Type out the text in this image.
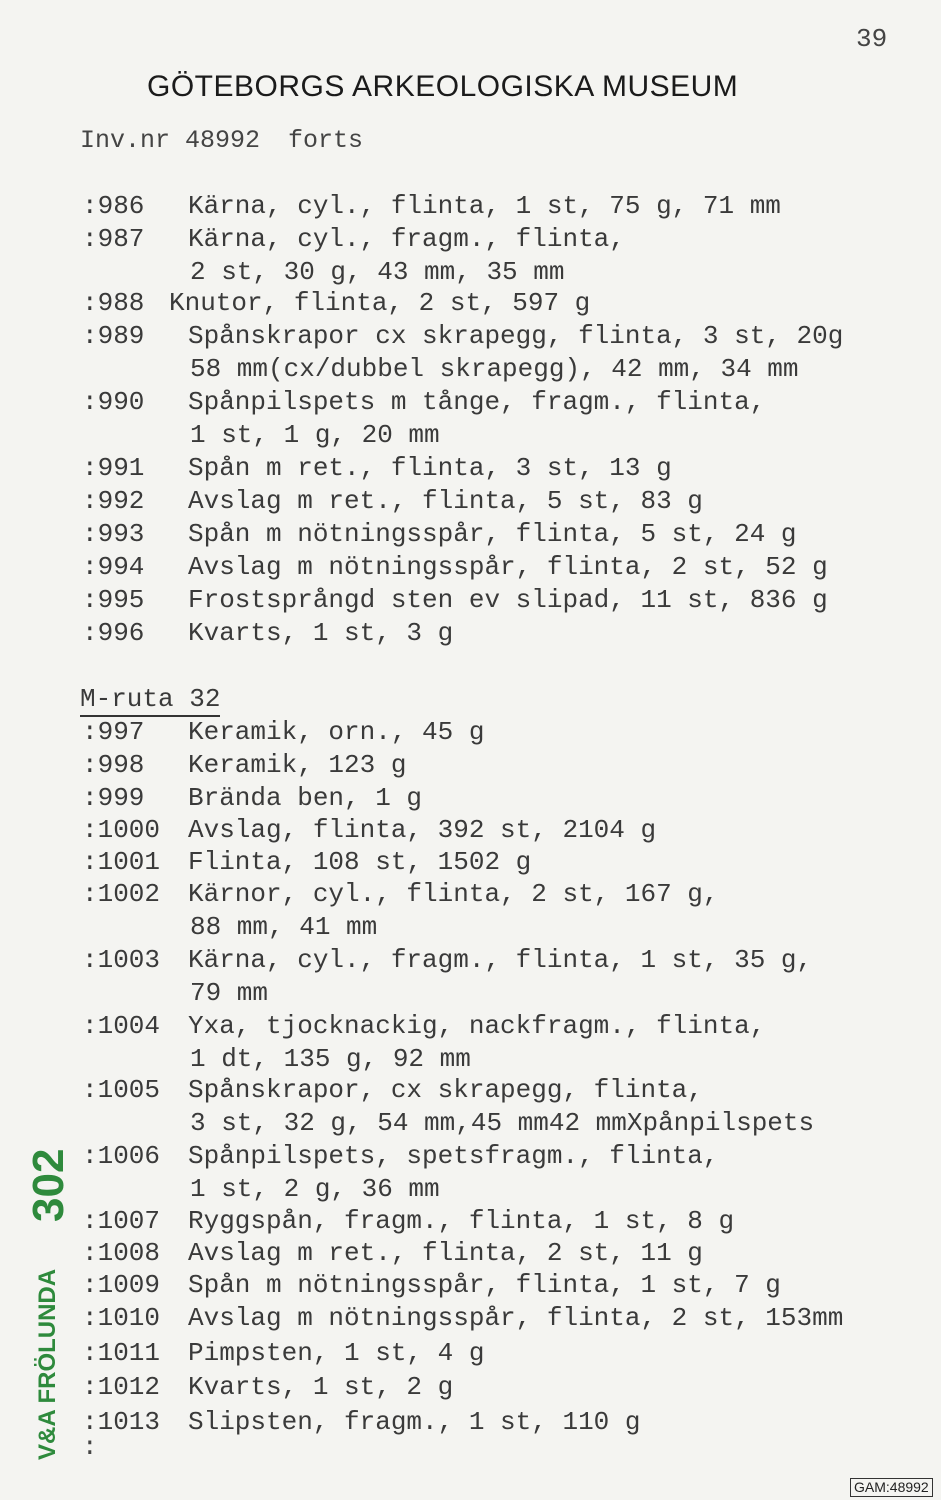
39
GÖTEBORGS ARKEOLOGISKA MUSEUM
Inv.nr 48992 forts
:986 Kärna, cyl., flinta, 1 st, 75 g, 71 mm
:987 Kärna, cyl., fragm., flinta,
2 st, 30 g, 43 mm, 35 mm
:988 Knutor, flinta, 2 st, 597 g
:989 Spånskrapor cx skrapegg, flinta, 3 st, 20g
58 mm(cx/dubbel skrapegg), 42 mm, 34 mm
:990 Spånpilspets m tånge, fragm., flinta,
1 st, 1 g, 20 mm
:991 Spån m ret., flinta, 3 st, 13 g
:992 Avslag m ret., flinta, 5 st, 83 g
:993 Spån m nötningsspår, flinta, 5 st, 24 g
:994 Avslag m nötningsspår, flinta, 2 st, 52 g
:995 Frostsprångd sten ev slipad, 11 st, 836 g
:996 Kvarts, 1 st, 3 g
M-ruta 32
:997 Keramik, orn., 45 g
:998 Keramik, 123 g
:999 Brända ben, 1 g
:1000 Avslag, flinta, 392 st, 2104 g
:1001 Flinta, 108 st, 1502 g
:1002 Kärnor, cyl., flinta, 2 st, 167 g,
88 mm, 41 mm
:1003 Kärna, cyl., fragm., flinta, 1 st, 35 g,
79 mm
:1004 Yxa, tjocknackig, nackfragm., flinta,
1 dt, 135 g, 92 mm
:1005 Spånskrapor, cx skrapegg, flinta,
3 st, 32 g, 54 mm,45 mm42 mmXpånpilspets
:1006 Spånpilspets, spetsfragm., flinta,
1 st, 2 g, 36 mm
:1007 Ryggspån, fragm., flinta, 1 st, 8 g
:1008 Avslag m ret., flinta, 2 st, 11 g
:1009 Spån m nötningsspår, flinta, 1 st, 7 g
:1010 Avslag m nötningsspår, flinta, 2 st, 153mm
:1011 Pimpsten, 1 st, 4 g
:1012 Kvarts, 1 st, 2 g
:1013 Slipsten, fragm., 1 st, 110 g
:
V&A FRÖLUNDA
302
GAM:48992
